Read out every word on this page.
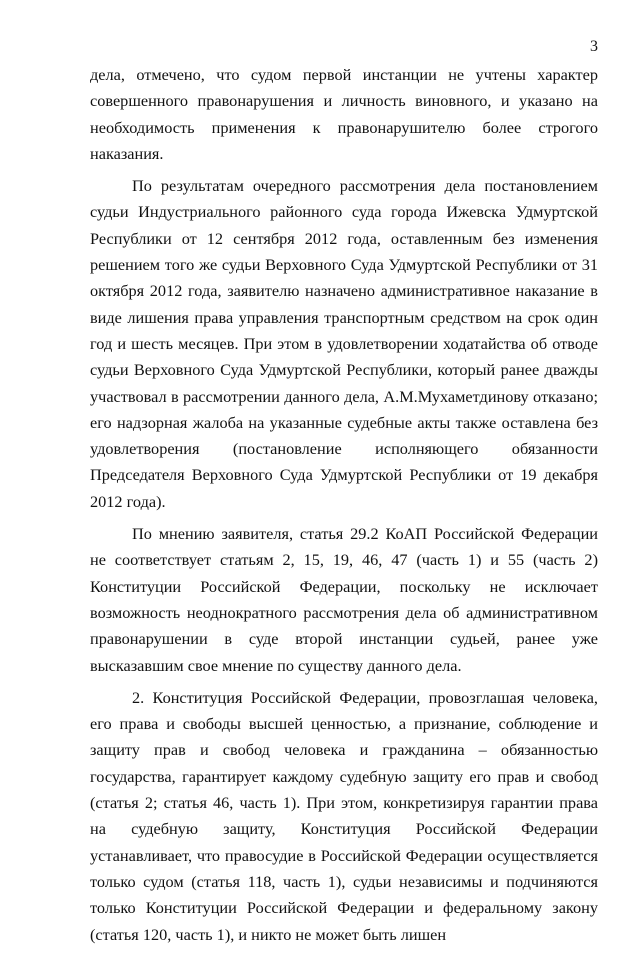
3

дела, отмечено, что судом первой инстанции не учтены характер совершенного правонарушения и личность виновного, и указано на необходимость применения к правонарушителю более строгого наказания.

По результатам очередного рассмотрения дела постановлением судьи Индустриального районного суда города Ижевска Удмуртской Республики от 12 сентября 2012 года, оставленным без изменения решением того же судьи Верховного Суда Удмуртской Республики от 31 октября 2012 года, заявителю назначено административное наказание в виде лишения права управления транспортным средством на срок один год и шесть месяцев. При этом в удовлетворении ходатайства об отводе судьи Верховного Суда Удмуртской Республики, который ранее дважды участвовал в рассмотрении данного дела, А.М.Мухаметдинову отказано; его надзорная жалоба на указанные судебные акты также оставлена без удовлетворения (постановление исполняющего обязанности Председателя Верховного Суда Удмуртской Республики от 19 декабря 2012 года).

По мнению заявителя, статья 29.2 КоАП Российской Федерации не соответствует статьям 2, 15, 19, 46, 47 (часть 1) и 55 (часть 2) Конституции Российской Федерации, поскольку не исключает возможность неоднократного рассмотрения дела об административном правонарушении в суде второй инстанции судьей, ранее уже высказавшим свое мнение по существу данного дела.

2. Конституция Российской Федерации, провозглашая человека, его права и свободы высшей ценностью, а признание, соблюдение и защиту прав и свобод человека и гражданина – обязанностью государства, гарантирует каждому судебную защиту его прав и свобод (статья 2; статья 46, часть 1). При этом, конкретизируя гарантии права на судебную защиту, Конституция Российской Федерации устанавливает, что правосудие в Российской Федерации осуществляется только судом (статья 118, часть 1), судьи независимы и подчиняются только Конституции Российской Федерации и федеральному закону (статья 120, часть 1), и никто не может быть лишен
